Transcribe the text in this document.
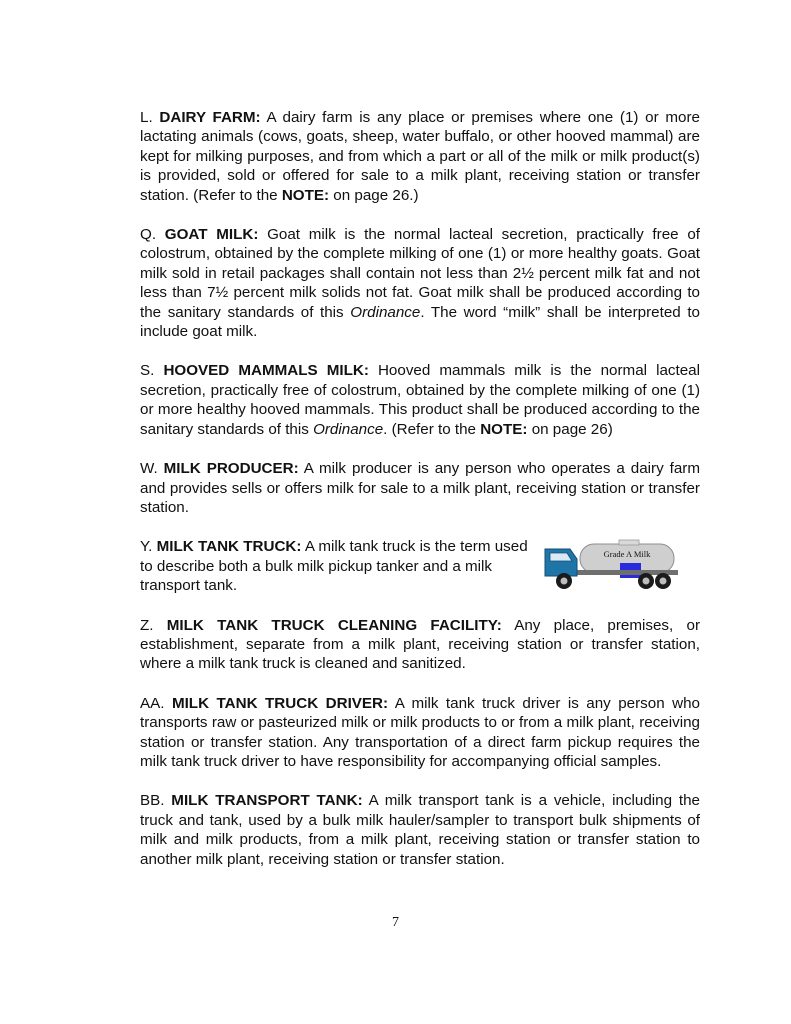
L. DAIRY FARM: A dairy farm is any place or premises where one (1) or more lactating animals (cows, goats, sheep, water buffalo, or other hooved mammal) are kept for milking purposes, and from which a part or all of the milk or milk product(s) is provided, sold or offered for sale to a milk plant, receiving station or transfer station. (Refer to the NOTE: on page 26.)

Q. GOAT MILK: Goat milk is the normal lacteal secretion, practically free of colostrum, obtained by the complete milking of one (1) or more healthy goats. Goat milk sold in retail packages shall contain not less than 2½ percent milk fat and not less than 7½ percent milk solids not fat. Goat milk shall be produced according to the sanitary standards of this Ordinance. The word “milk” shall be interpreted to include goat milk.

S. HOOVED MAMMALS MILK: Hooved mammals milk is the normal lacteal secretion, practically free of colostrum, obtained by the complete milking of one (1) or more healthy hooved mammals. This product shall be produced according to the sanitary standards of this Ordinance. (Refer to the NOTE: on page 26)

W. MILK PRODUCER: A milk producer is any person who operates a dairy farm and provides sells or offers milk for sale to a milk plant, receiving station or transfer station.

Y. MILK TANK TRUCK: A milk tank truck is the term used to describe both a bulk milk pickup tanker and a milk transport tank.
Grade A Milk

Z. MILK TANK TRUCK CLEANING FACILITY: Any place, premises, or establishment, separate from a milk plant, receiving station or transfer station, where a milk tank truck is cleaned and sanitized.

AA. MILK TANK TRUCK DRIVER: A milk tank truck driver is any person who transports raw or pasteurized milk or milk products to or from a milk plant, receiving station or transfer station. Any transportation of a direct farm pickup requires the milk tank truck driver to have responsibility for accompanying official samples.

BB. MILK TRANSPORT TANK: A milk transport tank is a vehicle, including the truck and tank, used by a bulk milk hauler/sampler to transport bulk shipments of milk and milk products, from a milk plant, receiving station or transfer station to another milk plant, receiving station or transfer station.

7
